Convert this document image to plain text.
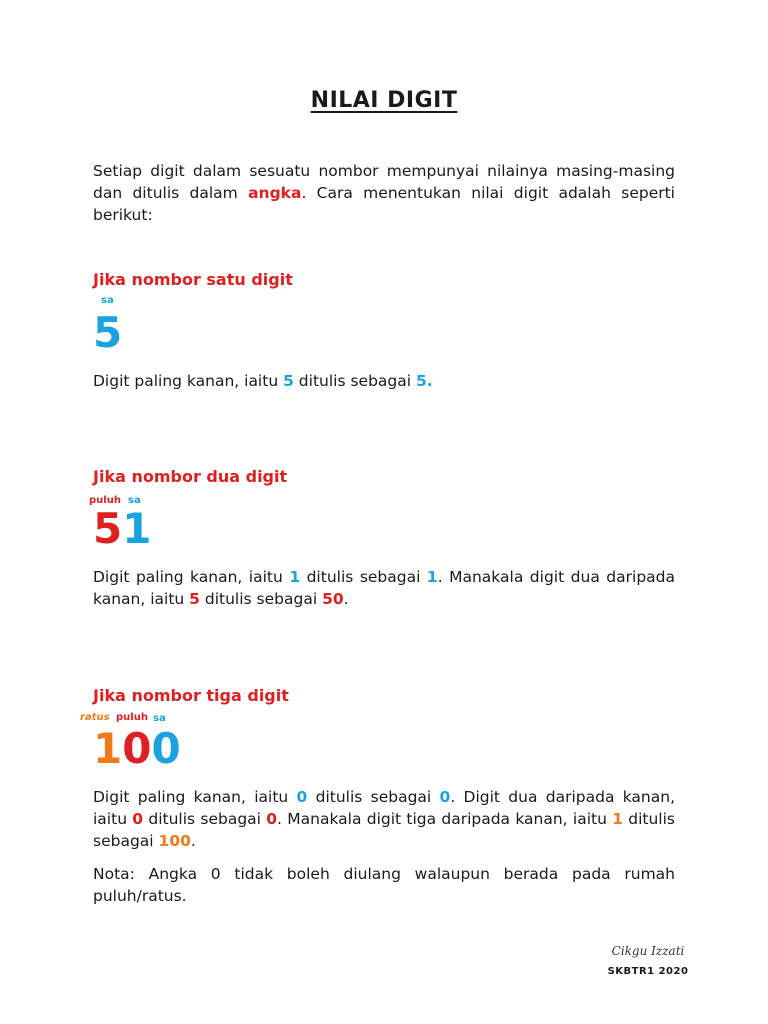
NILAI DIGIT
Setiap digit dalam sesuatu nombor mempunyai nilainya masing-masing dan ditulis dalam angka. Cara menentukan nilai digit adalah seperti berikut:
Jika nombor satu digit
sa
5
Digit paling kanan, iaitu 5 ditulis sebagai 5.
Jika nombor dua digit
puluh sa
51
Digit paling kanan, iaitu 1 ditulis sebagai 1. Manakala digit dua daripada kanan, iaitu 5 ditulis sebagai 50.
Jika nombor tiga digit
ratus puluh sa
100
Digit paling kanan, iaitu 0 ditulis sebagai 0. Digit dua daripada kanan, iaitu 0 ditulis sebagai 0. Manakala digit tiga daripada kanan, iaitu 1 ditulis sebagai 100.
Nota: Angka 0 tidak boleh diulang walaupun berada pada rumah puluh/ratus.
Cikgu Izzati
SKBTR1 2020
